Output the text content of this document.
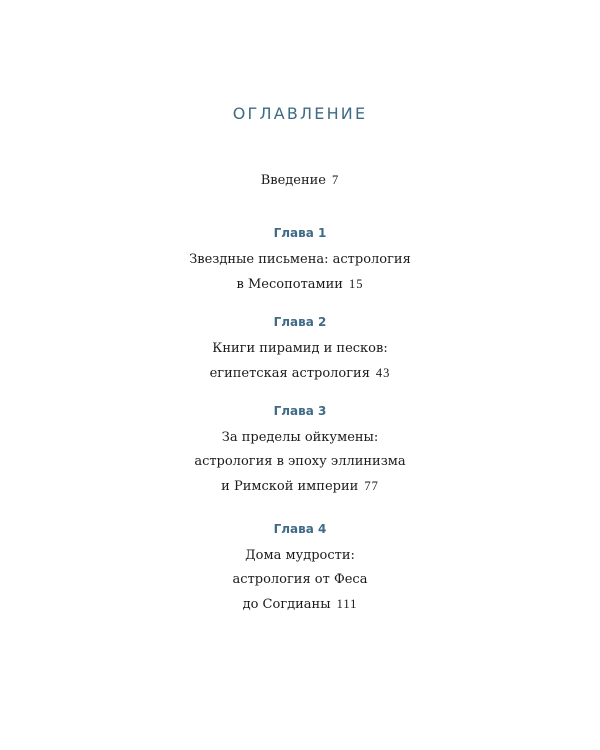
ОГЛАВЛЕНИЕ
Введение 7
Глава 1
Звездные письмена: астрология
в Месопотамии 15
Глава 2
Книги пирамид и песков:
египетская астрология 43
Глава 3
За пределы ойкумены:
астрология в эпоху эллинизма
и Римской империи 77
Глава 4
Дома мудрости:
астрология от Феса
до Согдианы 111
